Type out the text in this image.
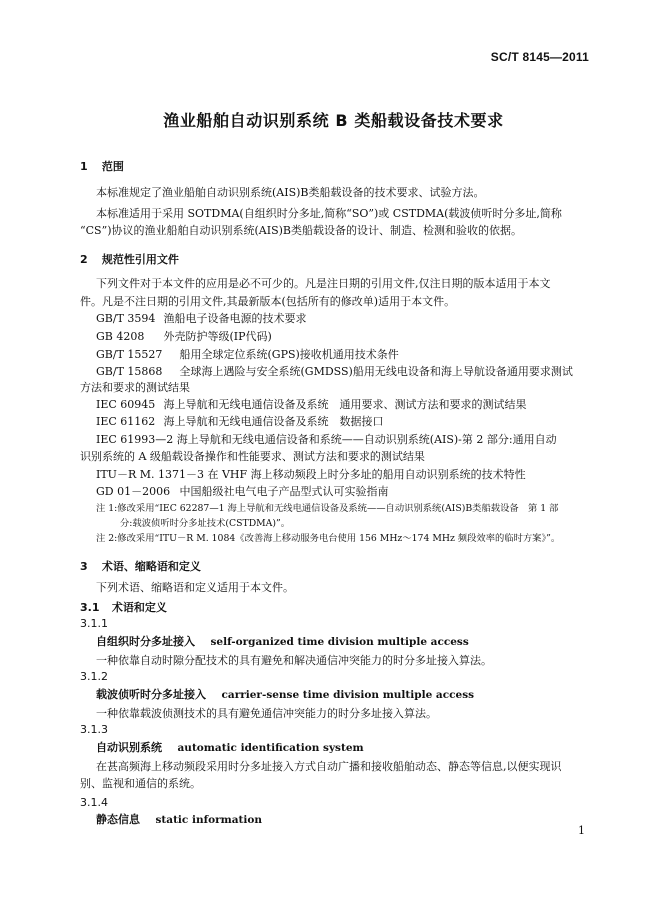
SC/T 8145—2011
渔业船舶自动识别系统 B 类船载设备技术要求
1 范围
本标准规定了渔业船舶自动识别系统(AIS)B类船载设备的技术要求、试验方法。
本标准适用于采用 SOTDMA(自组织时分多址,简称“SO”)或 CSTDMA(载波侦听时分多址,简称
“CS”)协议的渔业船舶自动识别系统(AIS)B类船载设备的设计、制造、检测和验收的依据。
2 规范性引用文件
下列文件对于本文件的应用是必不可少的。凡是注日期的引用文件,仅注日期的版本适用于本文
件。凡是不注日期的引用文件,其最新版本(包括所有的修改单)适用于本文件。
GB/T 3594 渔船电子设备电源的技术要求
GB 4208 外壳防护等级(IP代码)
GB/T 15527 船用全球定位系统(GPS)接收机通用技术条件
GB/T 15868 全球海上遇险与安全系统(GMDSS)船用无线电设备和海上导航设备通用要求测试
方法和要求的测试结果
IEC 60945 海上导航和无线电通信设备及系统　通用要求、测试方法和要求的测试结果
IEC 61162 海上导航和无线电通信设备及系统　数据接口
IEC 61993—2 海上导航和无线电通信设备和系统——自动识别系统(AIS)-第 2 部分:通用自动
识别系统的 A 级船载设备操作和性能要求、测试方法和要求的测试结果
ITU－R M. 1371－3 在 VHF 海上移动频段上时分多址的船用自动识别系统的技术特性
GD 01－2006 中国船级社电气电子产品型式认可实验指南
注 1:修改采用“IEC 62287—1 海上导航和无线电通信设备及系统——自动识别系统(AIS)B类船载设备　第 1 部
分:载波侦听时分多址技术(CSTDMA)”。
注 2:修改采用“ITU－R M. 1084《改善海上移动服务电台使用 156 MHz～174 MHz 频段效率的临时方案》”。
3 术语、缩略语和定义
下列术语、缩略语和定义适用于本文件。
3.1 术语和定义
3.1.1
自组织时分多址接入 self-organized time division multiple access
一种依靠自动时隙分配技术的具有避免和解决通信冲突能力的时分多址接入算法。
3.1.2
载波侦听时分多址接入 carrier-sense time division multiple access
一种依靠载波侦测技术的具有避免通信冲突能力的时分多址接入算法。
3.1.3
自动识别系统 automatic identification system
在甚高频海上移动频段采用时分多址接入方式自动广播和接收船舶动态、静态等信息,以便实现识
别、监视和通信的系统。
3.1.4
静态信息 static information
1
